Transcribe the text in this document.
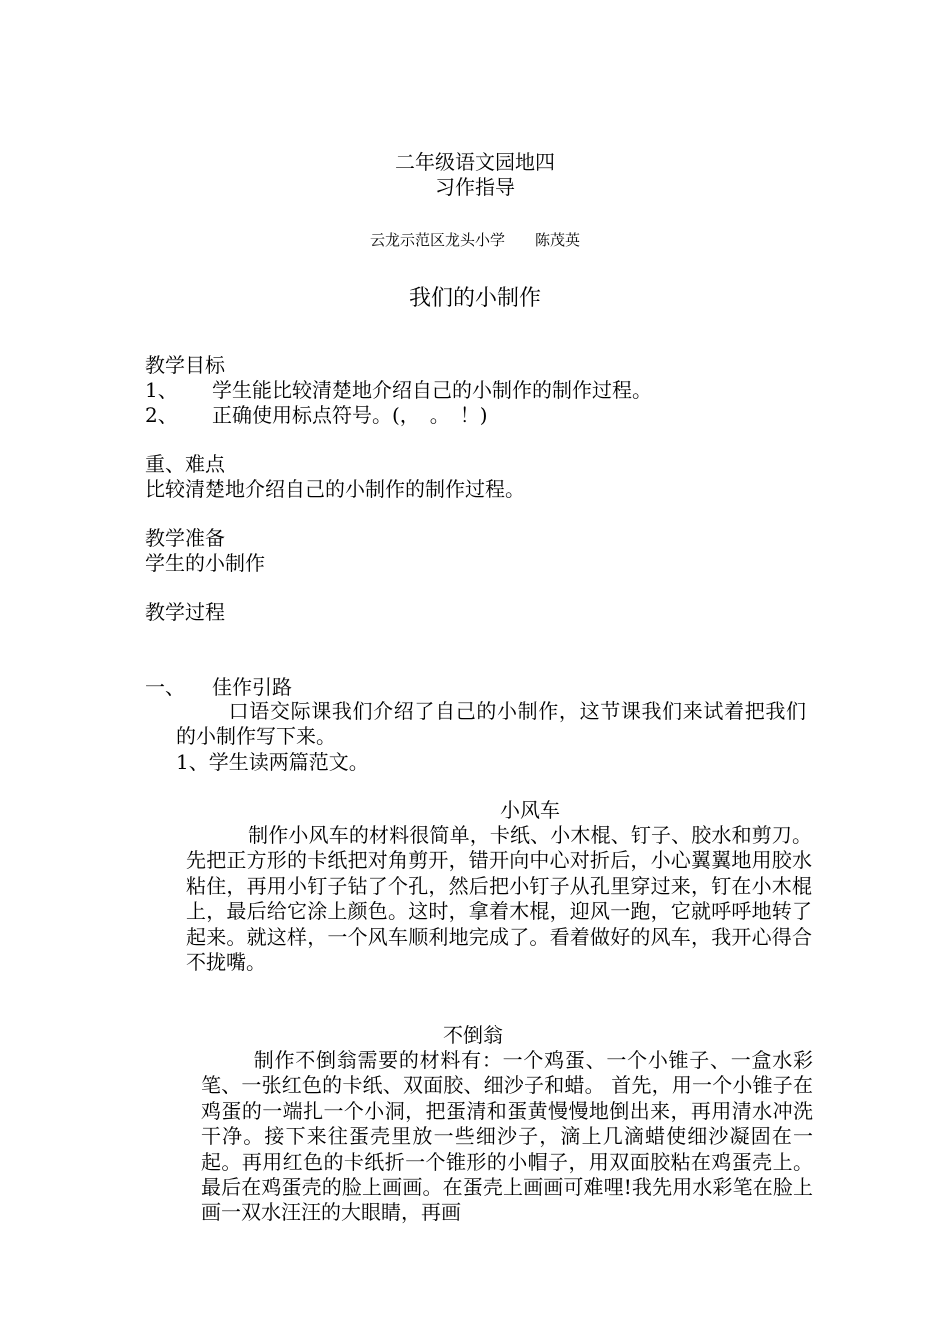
二年级语文园地四
习作指导
云龙示范区龙头小学　　陈茂英
我们的小制作
教学目标
1、 学生能比较清楚地介绍自己的小制作的制作过程。
2、 正确使用标点符号。(，　。　！)
重、难点
比较清楚地介绍自己的小制作的制作过程。
教学准备
学生的小制作
教学过程
一、 佳作引路
口语交际课我们介绍了自己的小制作，这节课我们来试着把我们的小制作写下来。
1、学生读两篇范文。
小风车
制作小风车的材料很简单，卡纸、小木棍、钉子、胶水和剪刀。先把正方形的卡纸把对角剪开，错开向中心对折后，小心翼翼地用胶水粘住，再用小钉子钻了个孔，然后把小钉子从孔里穿过来，钉在小木棍上，最后给它涂上颜色。这时，拿着木棍，迎风一跑，它就呼呼地转了起来。就这样，一个风车顺利地完成了。看着做好的风车，我开心得合不拢嘴。
不倒翁
制作不倒翁需要的材料有：一个鸡蛋、一个小锥子、一盒水彩笔、一张红色的卡纸、双面胶、细沙子和蜡。 首先，用一个小锥子在鸡蛋的一端扎一个小洞，把蛋清和蛋黄慢慢地倒出来，再用清水冲洗干净。接下来往蛋壳里放一些细沙子，滴上几滴蜡使细沙凝固在一起。再用红色的卡纸折一个锥形的小帽子，用双面胶粘在鸡蛋壳上。最后在鸡蛋壳的脸上画画。在蛋壳上画画可难哩!我先用水彩笔在脸上画一双水汪汪的大眼睛，再画
